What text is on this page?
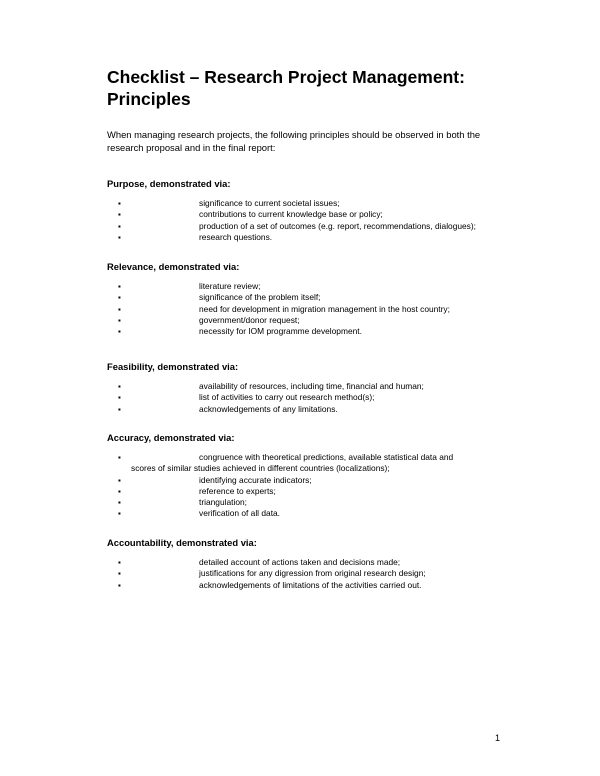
Checklist – Research Project Management:
Principles

When managing research projects, the following principles should be observed in both the research proposal and in the final report:

Purpose, demonstrated via:

▪	significance to current societal issues;
▪	contributions to current knowledge base or policy;
▪	production of a set of outcomes (e.g. report, recommendations, dialogues);
▪	research questions.

Relevance, demonstrated via:

▪	literature review;
▪	significance of the problem itself;
▪	need for development in migration management in the host country;
▪	government/donor request;
▪	necessity for IOM programme development.

Feasibility, demonstrated via:

▪	availability of resources, including time, financial and human;
▪	list of activities to carry out research method(s);
▪	acknowledgements of any limitations.

Accuracy, demonstrated via:

▪	congruence with theoretical predictions, available statistical data and
scores of similar studies achieved in different countries (localizations);
▪	identifying accurate indicators;
▪	reference to experts;
▪	triangulation;
▪	verification of all data.

Accountability, demonstrated via:

▪	detailed account of actions taken and decisions made;
▪	justifications for any digression from original research design;
▪	acknowledgements of limitations of the activities carried out.
1
